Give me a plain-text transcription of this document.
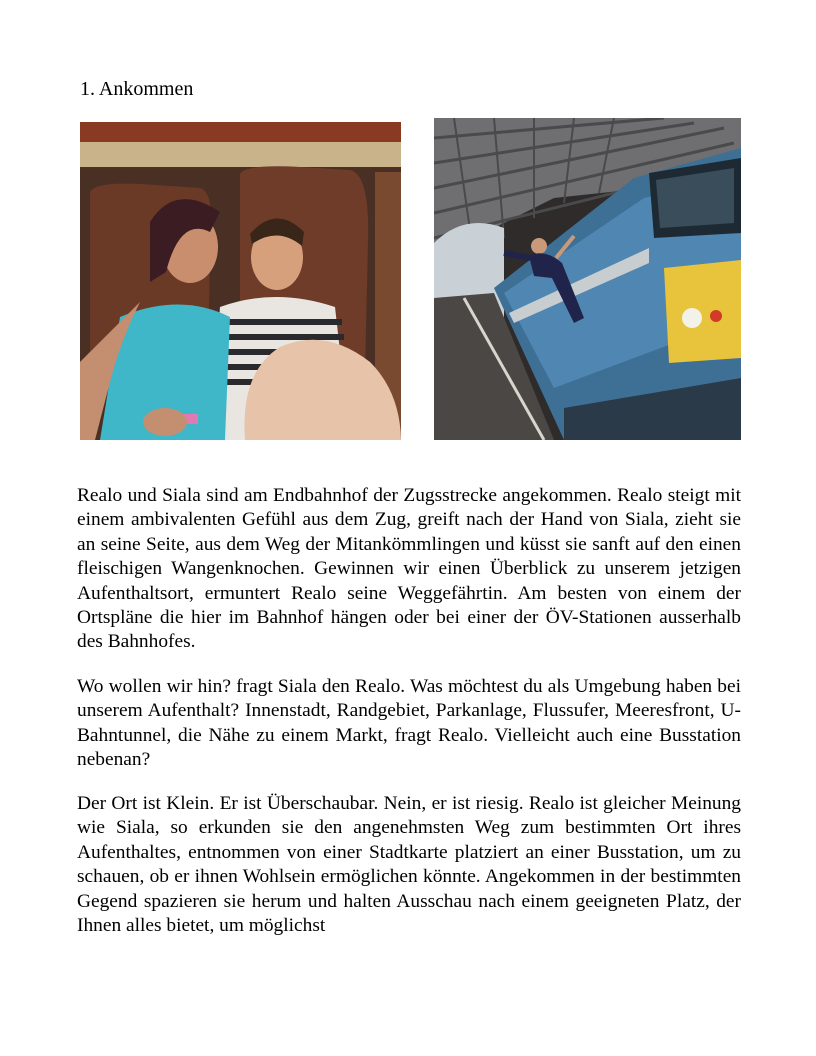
1. Ankommen

Realo und Siala sind am Endbahnhof der Zugsstrecke angekommen. Realo steigt mit einem ambivalenten Gefühl aus dem Zug, greift nach der Hand von Siala, zieht sie an seine Seite, aus dem Weg der Mitankömmlingen und küsst sie sanft auf den einen fleischigen Wangenknochen. Gewinnen wir einen Überblick zu unserem jetzigen Aufenthaltsort, ermuntert Realo seine Weggefährtin. Am besten von einem der Ortspläne die hier im Bahnhof hängen oder bei einer der ÖV-Stationen ausserhalb des Bahnhofes.

Wo wollen wir hin? fragt Siala den Realo. Was möchtest du als Umgebung haben bei unserem Aufenthalt? Innenstadt, Randgebiet, Parkanlage, Flussufer, Meeresfront, U-Bahntunnel, die Nähe zu einem Markt, fragt Realo. Vielleicht auch eine Busstation nebenan?

Der Ort ist Klein. Er ist Überschaubar. Nein, er ist riesig. Realo ist gleicher Meinung wie Siala, so erkunden sie den angenehmsten Weg zum bestimmten Ort ihres Aufenthaltes, entnommen von einer Stadtkarte platziert an einer Busstation, um zu schauen, ob er ihnen Wohlsein ermöglichen könnte. Angekommen in der bestimmten Gegend spazieren sie herum und halten Ausschau nach einem geeigneten Platz, der Ihnen alles bietet, um möglichst
